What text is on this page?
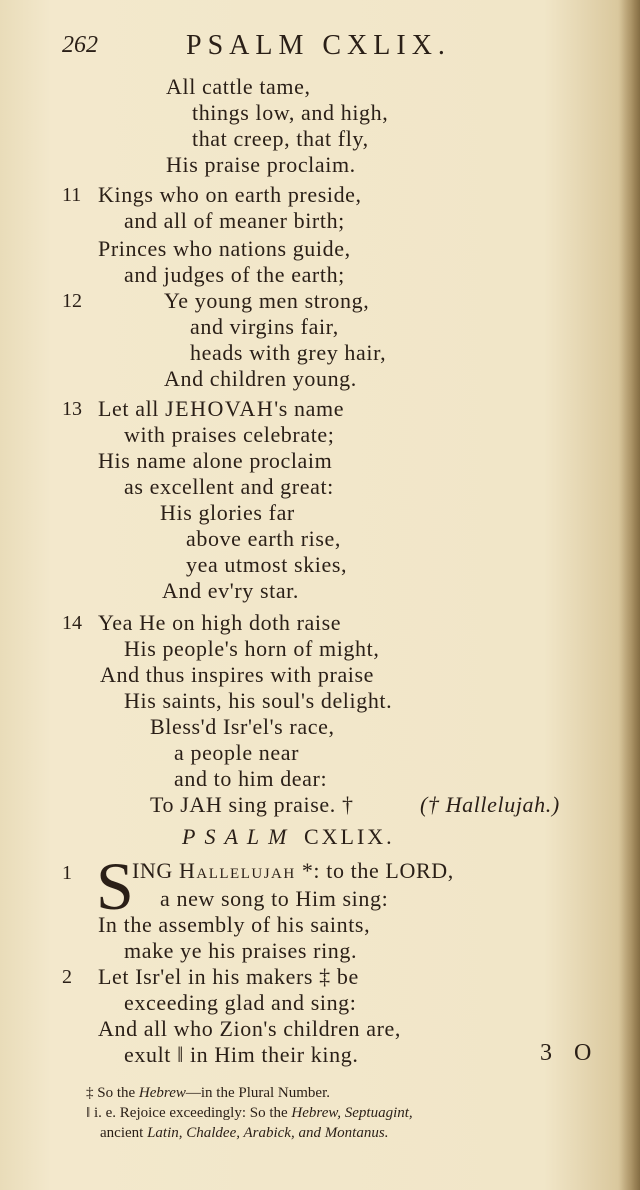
262	PSALM CXLIX.
All cattle tame,
things low, and high,
that creep, that fly,
His praise proclaim.
11 Kings who on earth preside,
and all of meaner birth;
Princes who nations guide,
and judges of the earth;
12	Ye young men strong,
and virgins fair,
heads with grey hair,
And children young.
13 Let all JEHOVAH's name
with praises celebrate;
His name alone proclaim
as excellent and great:
His glories far
above earth rise,
yea utmost skies,
And ev'ry star.
14 Yea He on high doth raise
His people's horn of might,
And thus inspires with praise
His saints, his soul's delight.
Bless'd Isr'el's race,
a people near
and to him dear:
To JAH sing praise. †	(† Hallelujah.)
PSALM CXLIX.
1 S
ING Hallelujah *: to the LORD,
a new song to Him sing:
In the assembly of his saints,
make ye his praises ring.
2 Let Isr'el in his makers ‡ be
exceeding glad and sing:
And all who Zion's children are,
exult ‖ in Him their king.	3 O
‡ So the Hebrew—in the Plural Number.
‖ i. e. Rejoice exceedingly: So the Hebrew, Septuagint,
ancient Latin, Chaldee, Arabick, and Montanus.
